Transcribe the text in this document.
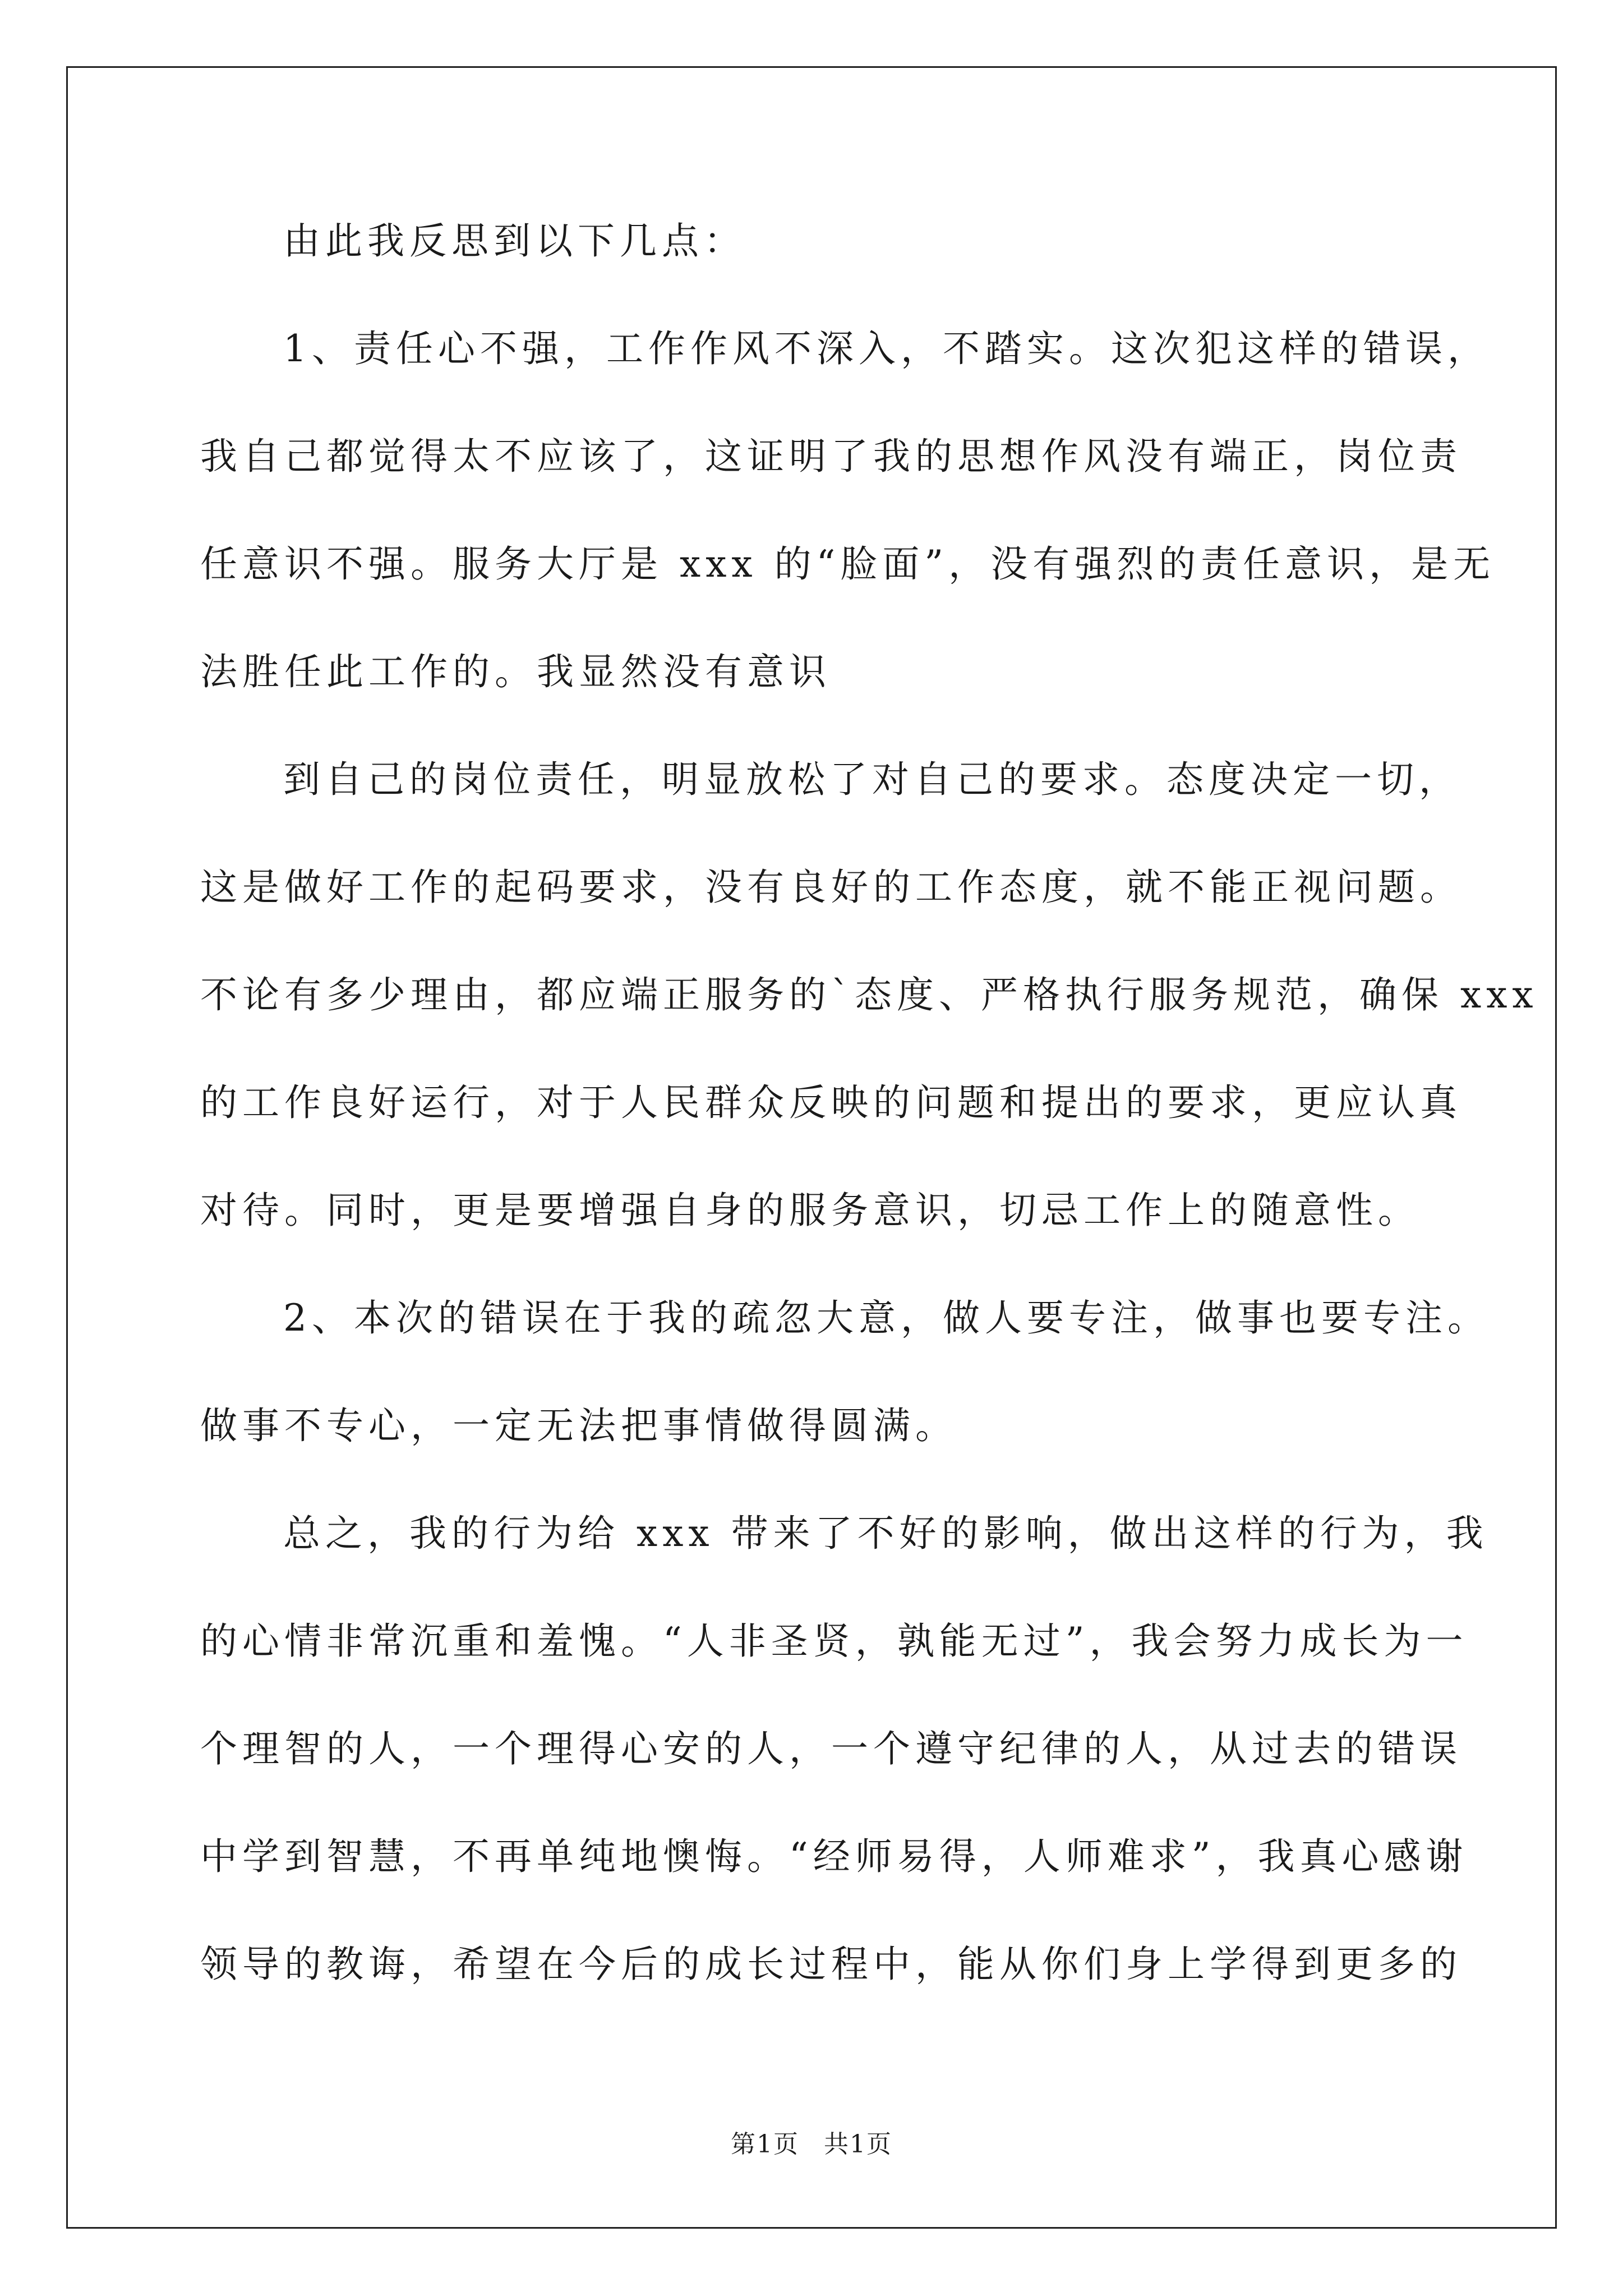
由此我反思到以下几点：
1、责任心不强，工作作风不深入，不踏实。这次犯这样的错误，
我自己都觉得太不应该了，这证明了我的思想作风没有端正，岗位责
任意识不强。服务大厅是 xxx 的“脸面”，没有强烈的责任意识，是无
法胜任此工作的。我显然没有意识
到自己的岗位责任，明显放松了对自己的要求。态度决定一切，
这是做好工作的起码要求，没有良好的工作态度，就不能正视问题。
不论有多少理由，都应端正服务的`态度、严格执行服务规范，确保 xxx
的工作良好运行，对于人民群众反映的问题和提出的要求，更应认真
对待。同时，更是要增强自身的服务意识，切忌工作上的随意性。
2、本次的错误在于我的疏忽大意，做人要专注，做事也要专注。
做事不专心，一定无法把事情做得圆满。
总之，我的行为给 xxx 带来了不好的影响，做出这样的行为，我
的心情非常沉重和羞愧。“人非圣贤，孰能无过”，我会努力成长为一
个理智的人，一个理得心安的人，一个遵守纪律的人，从过去的错误
中学到智慧，不再单纯地懊悔。“经师易得，人师难求”，我真心感谢
领导的教诲，希望在今后的成长过程中，能从你们身上学得到更多的
第1页 共1页
